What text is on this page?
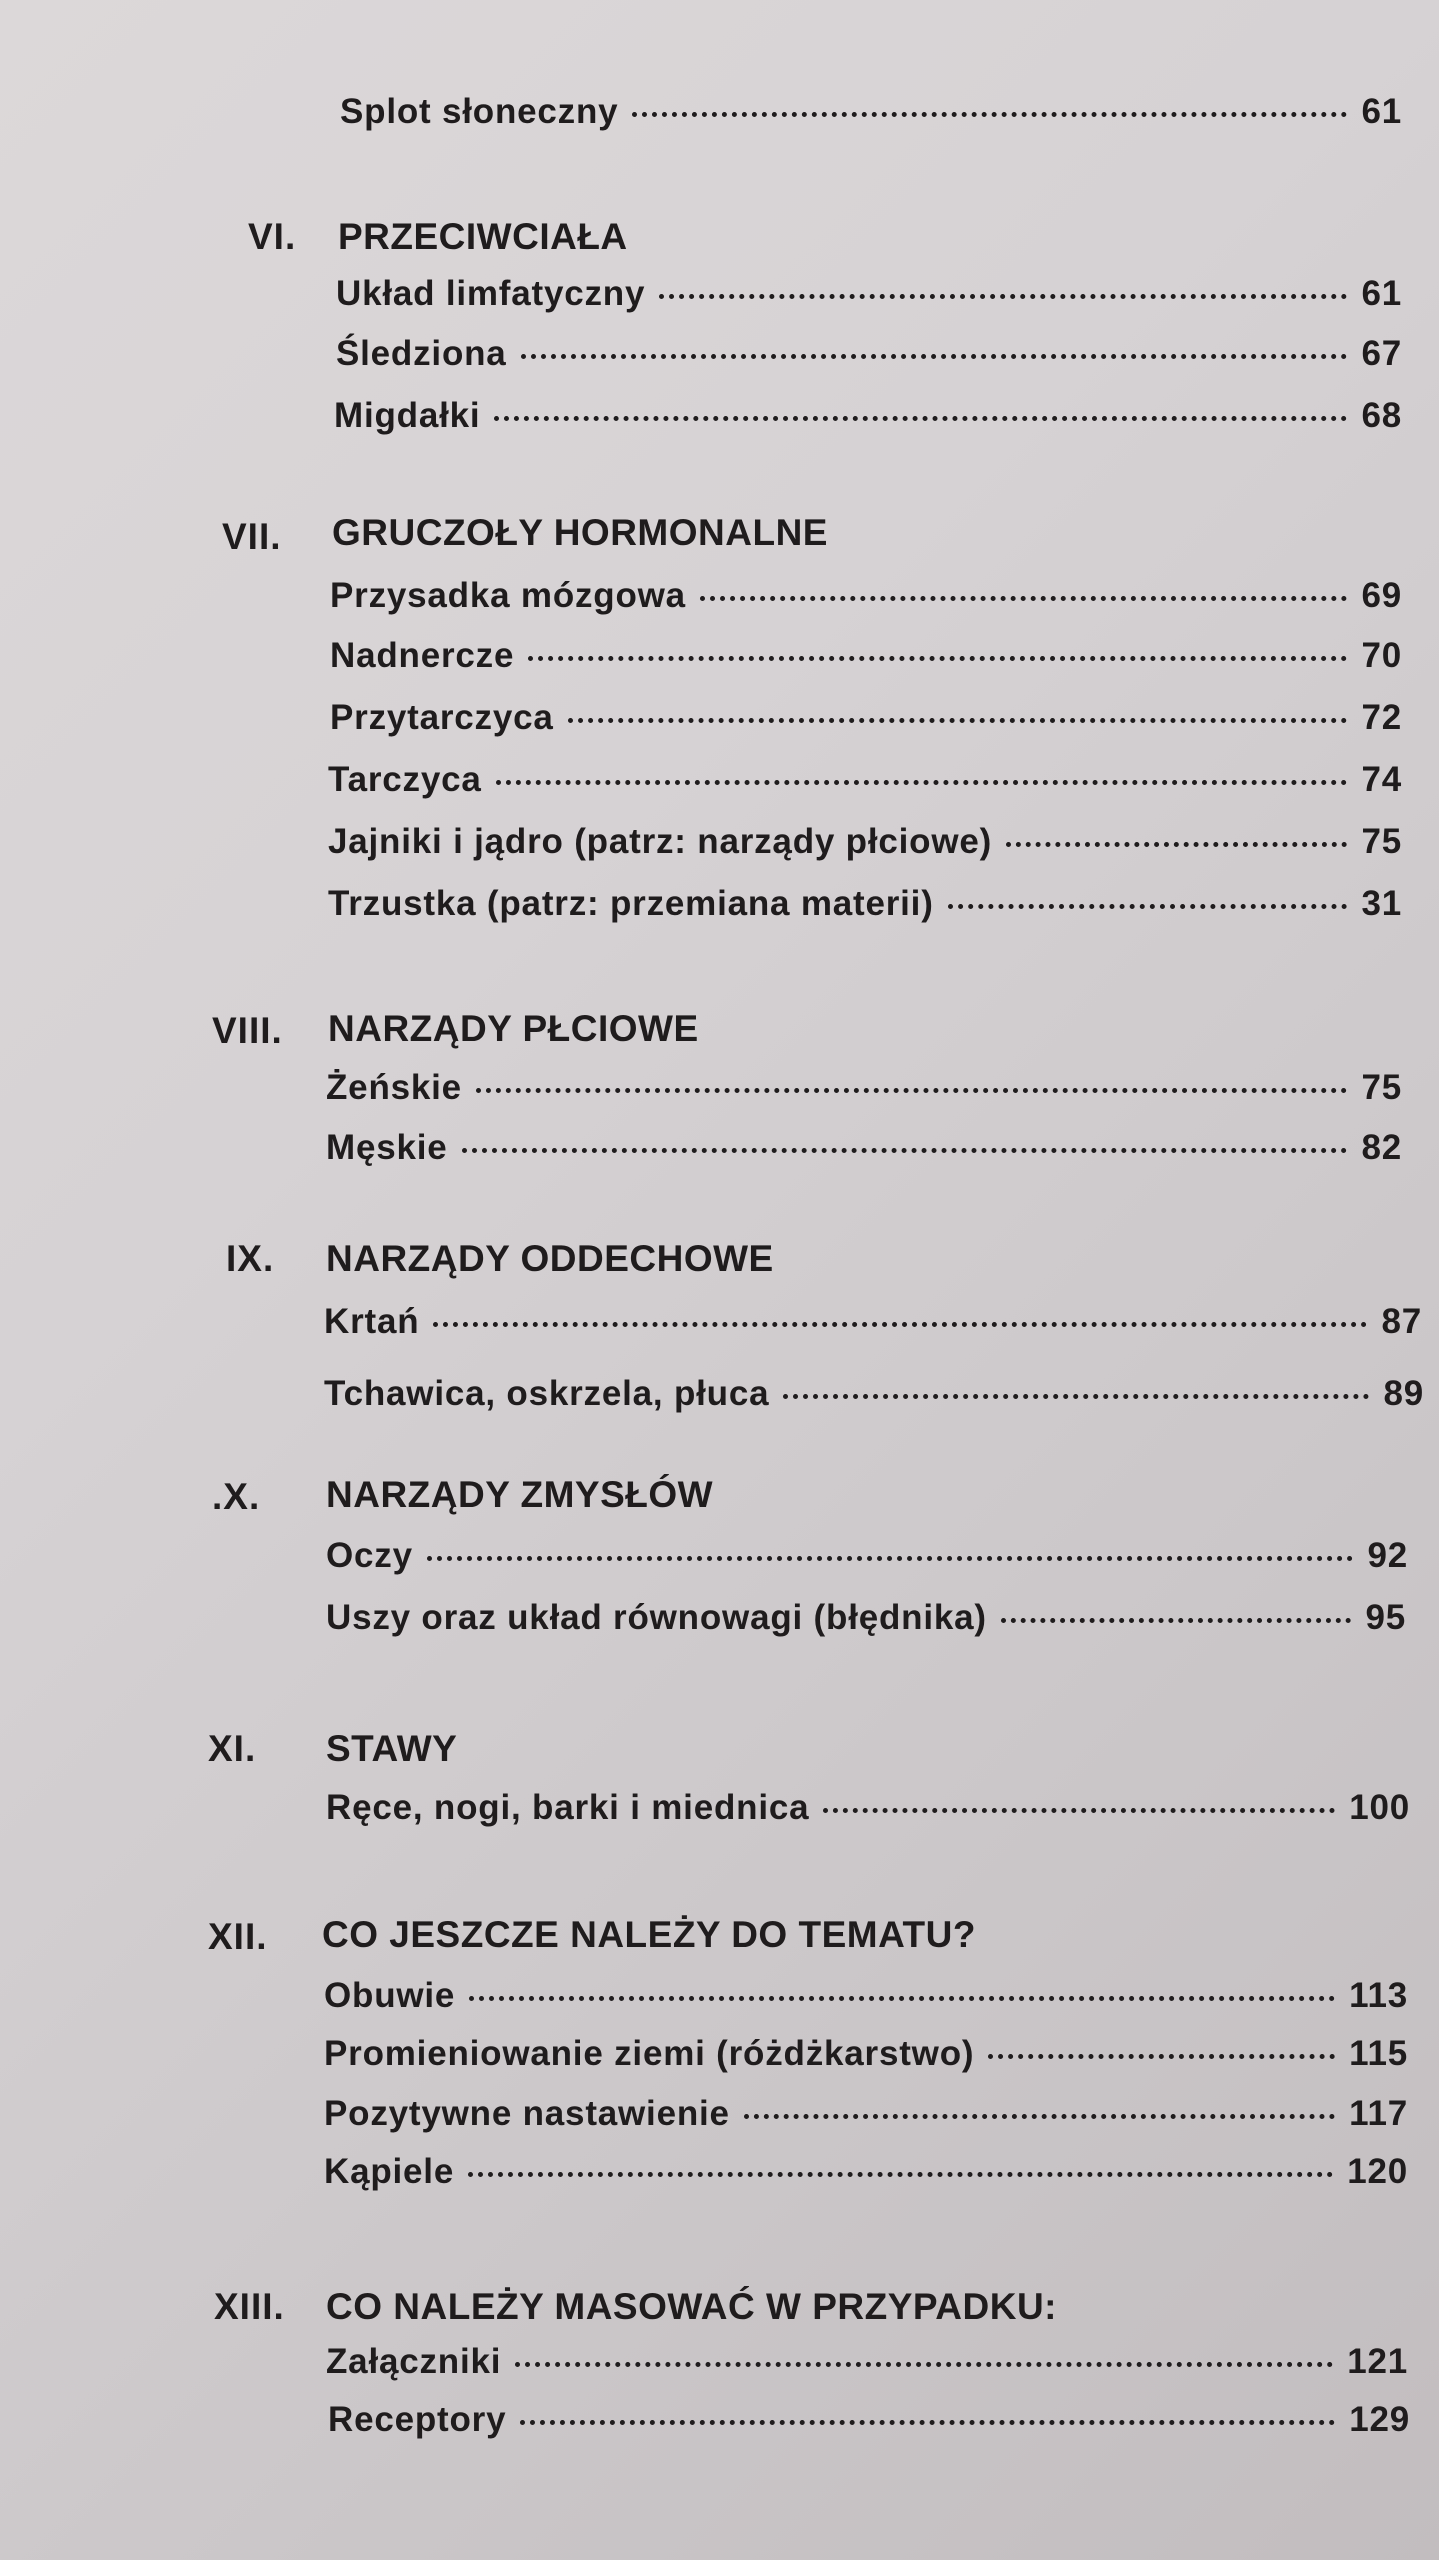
Splot słoneczny	61
VI. PRZECIWCIAŁA
Układ limfatyczny	61
Śledziona	67
Migdałki	68
VII. GRUCZOŁY HORMONALNE
Przysadka mózgowa	69
Nadnercze	70
Przytarczyca	72
Tarczyca	74
Jajniki i jądro (patrz: narządy płciowe)	75
Trzustka (patrz: przemiana materii)	31
VIII. NARZĄDY PŁCIOWE
Żeńskie	75
Męskie	82
IX. NARZĄDY ODDECHOWE
Krtań	87
Tchawica, oskrzela, płuca	89
.X. NARZĄDY ZMYSŁÓW
Oczy	92
Uszy oraz układ równowagi (błędnika)	95
XI. STAWY
Ręce, nogi, barki i miednica	100
XII. CO JESZCZE NALEŻY DO TEMATU?
Obuwie	113
Promieniowanie ziemi (różdżkarstwo)	115
Pozytywne nastawienie	117
Kąpiele	120
XIII. CO NALEŻY MASOWAĆ W PRZYPADKU:
Załączniki	121
Receptory	129
